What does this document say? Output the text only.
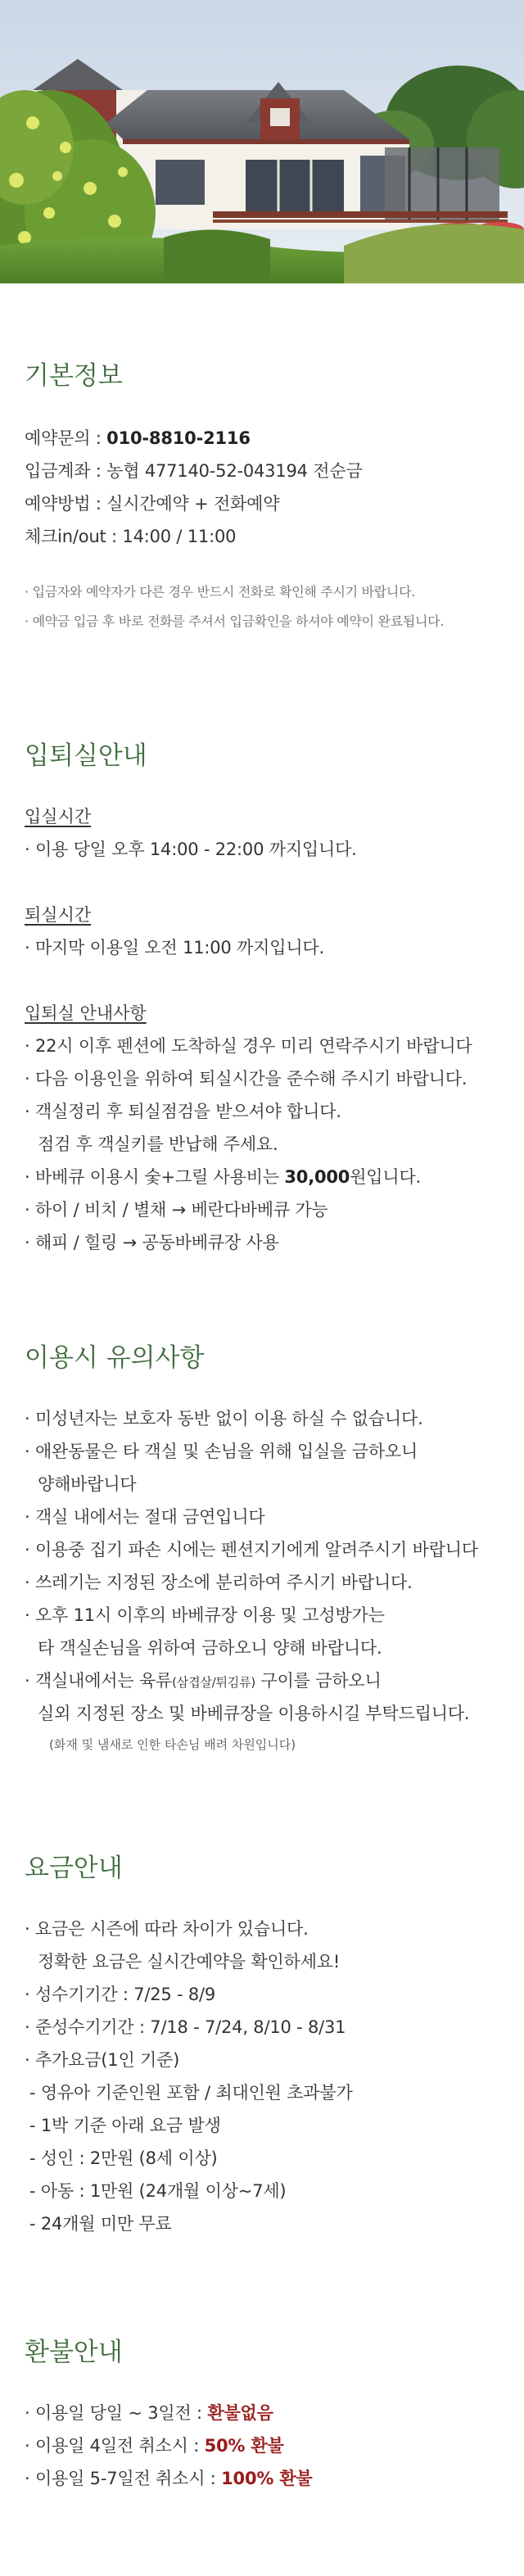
기본정보
예약문의 : 010-8810-2116
입금계좌 : 농협 477140-52-043194 전순금
예약방법 : 실시간예약 + 전화예약
체크in/out : 14:00 / 11:00
· 입금자와 예약자가 다른 경우 반드시 전화로 확인해 주시기 바랍니다.
· 예약금 입금 후 바로 전화를 주셔서 입금확인을 하셔야 예약이 완료됩니다.
입퇴실안내
입실시간
· 이용 당일 오후 14:00 - 22:00 까지입니다.
퇴실시간
· 마지막 이용일 오전 11:00 까지입니다.
입퇴실 안내사항
· 22시 이후 펜션에 도착하실 경우 미리 연락주시기 바랍니다
· 다음 이용인을 위하여 퇴실시간을 준수해 주시기 바랍니다.
· 객실정리 후 퇴실점검을 받으셔야 합니다.
점검 후 객실키를 반납해 주세요.
· 바베큐 이용시 숯+그릴 사용비는 30,000원입니다.
· 하이 / 비치 / 별채 → 베란다바베큐 가능
· 해피 / 힐링 → 공동바베큐장 사용
이용시 유의사항
· 미성년자는 보호자 동반 없이 이용 하실 수 없습니다.
· 애완동물은 타 객실 및 손님을 위해 입실을 금하오니
양해바랍니다
· 객실 내에서는 절대 금연입니다
· 이용중 집기 파손 시에는 펜션지기에게 알려주시기 바랍니다
· 쓰레기는 지정된 장소에 분리하여 주시기 바랍니다.
· 오후 11시 이후의 바베큐장 이용 및 고성방가는
타 객실손님을 위하여 금하오니 양해 바랍니다.
· 객실내에서는 육류(삼겹살/튀김류) 구이를 금하오니
실외 지정된 장소 및 바베큐장을 이용하시길 부탁드립니다.
(화재 및 냄새로 인한 타손님 배려 차원입니다)
요금안내
· 요금은 시즌에 따라 차이가 있습니다.
정확한 요금은 실시간예약을 확인하세요!
· 성수기기간 : 7/25 - 8/9
· 준성수기기간 : 7/18 - 7/24, 8/10 - 8/31
· 추가요금(1인 기준)
- 영유아 기준인원 포함 / 최대인원 초과불가
- 1박 기준 아래 요금 발생
- 성인 : 2만원 (8세 이상)
- 아동 : 1만원 (24개월 이상~7세)
- 24개월 미만 무료
환불안내
· 이용일 당일 ~ 3일전 : 환불없음
· 이용일 4일전 취소시 : 50% 환불
· 이용일 5-7일전 취소시 : 100% 환불
